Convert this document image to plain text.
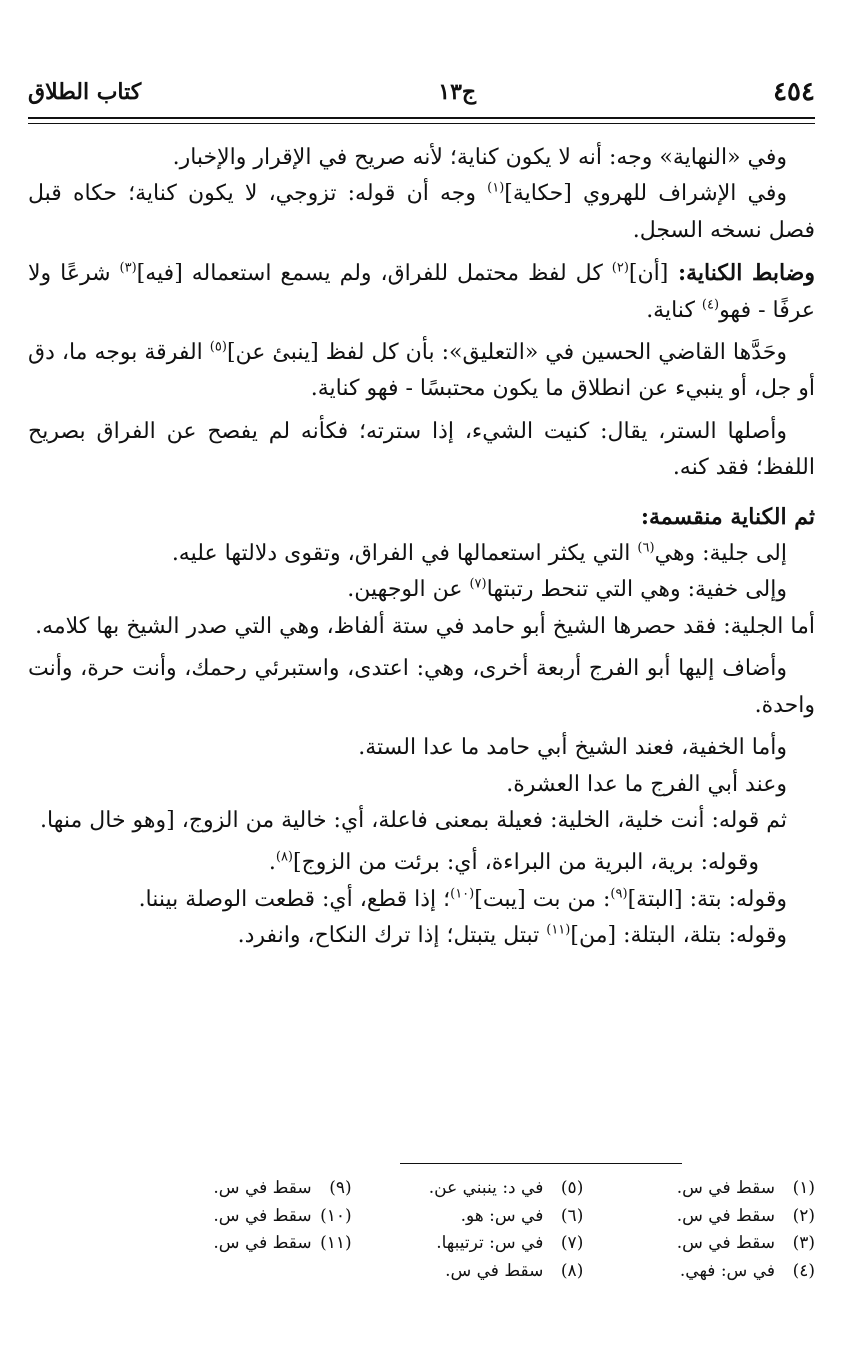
٤٥٤
ج١٣
كتاب الطلاق

وفي «النهاية» وجه: أنه لا يكون كناية؛ لأنه صريح في الإقرار والإخبار.

وفي الإشراف للهروي [حكاية]$^{(١)}$ وجه أن قوله: تزوجي، لا يكون كناية؛ حكاه قبل فصل نسخه السجل.

وضابط الكناية: [أن]$^{(٢)}$ كل لفظ محتمل للفراق، ولم يسمع استعماله [فيه]$^{(٣)}$ شرعًا ولا عرفًا - فهو$^{(٤)}$ كناية.

وحَدَّها القاضي الحسين في «التعليق»: بأن كل لفظ [ينبئ عن]$^{(٥)}$ الفرقة بوجه ما، دق أو جل، أو ينبيء عن انطلاق ما يكون محتبسًا - فهو كناية.

وأصلها الستر، يقال: كنيت الشيء، إذا سترته؛ فكأنه لم يفصح عن الفراق بصريح اللفظ؛ فقد كنه.

ثم الكناية منقسمة:

إلى جلية: وهي$^{(٦)}$ التي يكثر استعمالها في الفراق، وتقوى دلالتها عليه.

وإلى خفية: وهي التي تنحط رتبتها$^{(٧)}$ عن الوجهين.

أما الجلية: فقد حصرها الشيخ أبو حامد في ستة ألفاظ، وهي التي صدر الشيخ بها كلامه.

وأضاف إليها أبو الفرج أربعة أخرى، وهي: اعتدى، واستبرئي رحمك، وأنت حرة، وأنت واحدة.

وأما الخفية، فعند الشيخ أبي حامد ما عدا الستة.

وعند أبي الفرج ما عدا العشرة.

ثم قوله: أنت خلية، الخلية: فعيلة بمعنى فاعلة، أي: خالية من الزوج، [وهو خال منها.

وقوله: برية، البرية من البراءة، أي: برئت من الزوج]$^{(٨)}$.

وقوله: بتة: [البتة]$^{(٩)}$: من بت [يبت]$^{(١٠)}$؛ إذا قطع، أي: قطعت الوصلة بيننا.

وقوله: بتلة، البتلة: [من]$^{(١١)}$ تبتل يتبتل؛ إذا ترك النكاح، وانفرد.

(١)سقط في س.
(٢)سقط في س.
(٣)سقط في س.
(٤)في س: فهي.
(٥)في د: ينبني عن.
(٦)في س: هو.
(٧)في س: ترتيبها.
(٨)سقط في س.
(٩)سقط في س.
(١٠)سقط في س.
(١١)سقط في س.
